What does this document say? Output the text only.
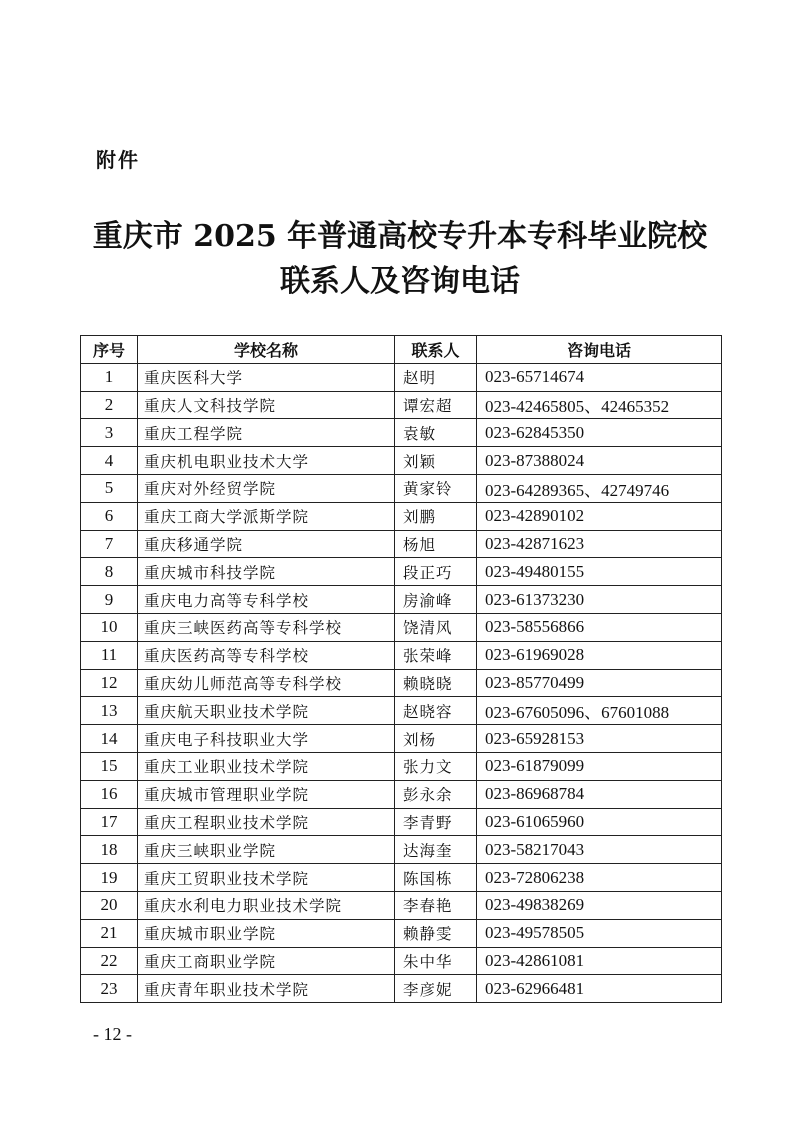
附件
重庆市 2025 年普通高校专升本专科毕业院校
联系人及咨询电话
序号	学校名称	联系人	咨询电话
1	重庆医科大学	赵明	023-65714674
2	重庆人文科技学院	谭宏超	023-42465805、42465352
3	重庆工程学院	袁敏	023-62845350
4	重庆机电职业技术大学	刘颖	023-87388024
5	重庆对外经贸学院	黄家铃	023-64289365、42749746
6	重庆工商大学派斯学院	刘鹏	023-42890102
7	重庆移通学院	杨旭	023-42871623
8	重庆城市科技学院	段正巧	023-49480155
9	重庆电力高等专科学校	房渝峰	023-61373230
10	重庆三峡医药高等专科学校	饶清风	023-58556866
11	重庆医药高等专科学校	张荣峰	023-61969028
12	重庆幼儿师范高等专科学校	赖晓晓	023-85770499
13	重庆航天职业技术学院	赵晓容	023-67605096、67601088
14	重庆电子科技职业大学	刘杨	023-65928153
15	重庆工业职业技术学院	张力文	023-61879099
16	重庆城市管理职业学院	彭永余	023-86968784
17	重庆工程职业技术学院	李青野	023-61065960
18	重庆三峡职业学院	达海奎	023-58217043
19	重庆工贸职业技术学院	陈国栋	023-72806238
20	重庆水利电力职业技术学院	李春艳	023-49838269
21	重庆城市职业学院	赖静雯	023-49578505
22	重庆工商职业学院	朱中华	023-42861081
23	重庆青年职业技术学院	李彦妮	023-62966481
- 12 -
